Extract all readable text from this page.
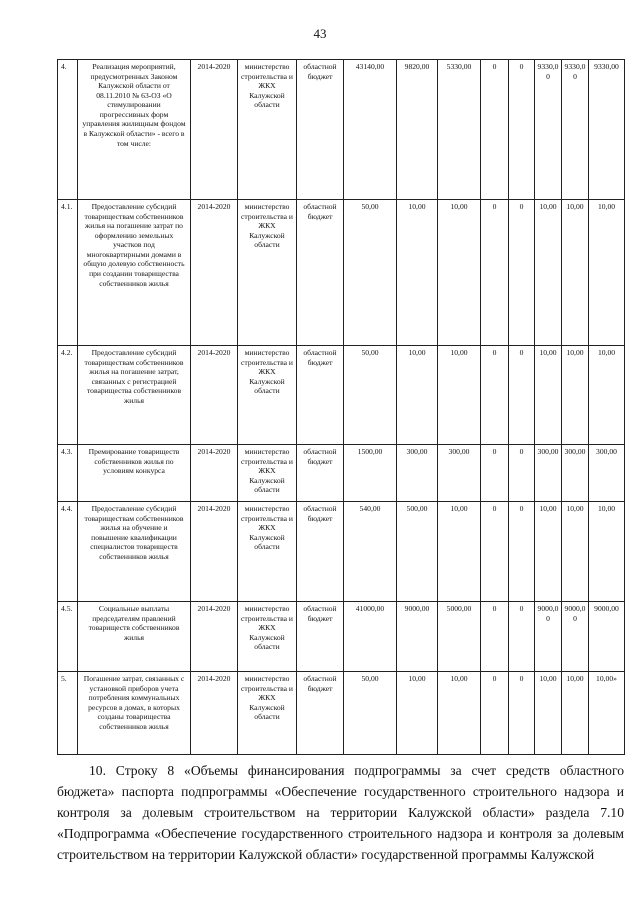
43
4.	Реализация мероприятий, предусмотренных Законом Калужской области от 08.11.2010 № 63-ОЗ «О стимулировании прогрессивных форм управления жилищным фондом в Калужской области» - всего в том числе:	2014-2020	министерство строительства и ЖКХ Калужской области	областной бюджет	43140,00	9820,00	5330,00	0	0	9330,00	9330,00	9330,00
4.1.	Предоставление субсидий товариществам собственников жилья на погашение затрат по оформлению земельных участков под многоквартирными домами в общую долевую собственность при создании товарищества собственников жилья	2014-2020	министерство строительства и ЖКХ Калужской области	областной бюджет	50,00	10,00	10,00	0	0	10,00	10,00	10,00
4.2.	Предоставление субсидий товариществам собственников жилья на погашение затрат, связанных с регистрацией товарищества собственников жилья	2014-2020	министерство строительства и ЖКХ Калужской области	областной бюджет	50,00	10,00	10,00	0	0	10,00	10,00	10,00
4.3.	Премирование товариществ собственников жилья по условиям конкурса	2014-2020	министерство строительства и ЖКХ Калужской области	областной бюджет	1500,00	300,00	300,00	0	0	300,00	300,00	300,00
4.4.	Предоставление субсидий товариществам собственников жилья на обучение и повышение квалификации специалистов товариществ собственников жилья	2014-2020	министерство строительства и ЖКХ Калужской области	областной бюджет	540,00	500,00	10,00	0	0	10,00	10,00	10,00
4.5.	Социальные выплаты председателям правлений товариществ собственников жилья	2014-2020	министерство строительства и ЖКХ Калужской области	областной бюджет	41000,00	9000,00	5000,00	0	0	9000,00	9000,00	9000,00
5.	Погашение затрат, связанных с установкой приборов учета потребления коммунальных ресурсов в домах, в которых созданы товарищества собственников жилья	2014-2020	министерство строительства и ЖКХ Калужской области	областной бюджет	50,00	10,00	10,00	0	0	10,00	10,00	10,00»

10. Строку 8 «Объемы финансирования подпрограммы за счет средств областного бюджета» паспорта подпрограммы «Обеспечение государственного строительного надзора и контроля за долевым строительством на территории Калужской области» раздела 7.10 «Подпрограмма «Обеспечение государственного строительного надзора и контроля за долевым строительством на территории Калужской области» государственной программы Калужской
